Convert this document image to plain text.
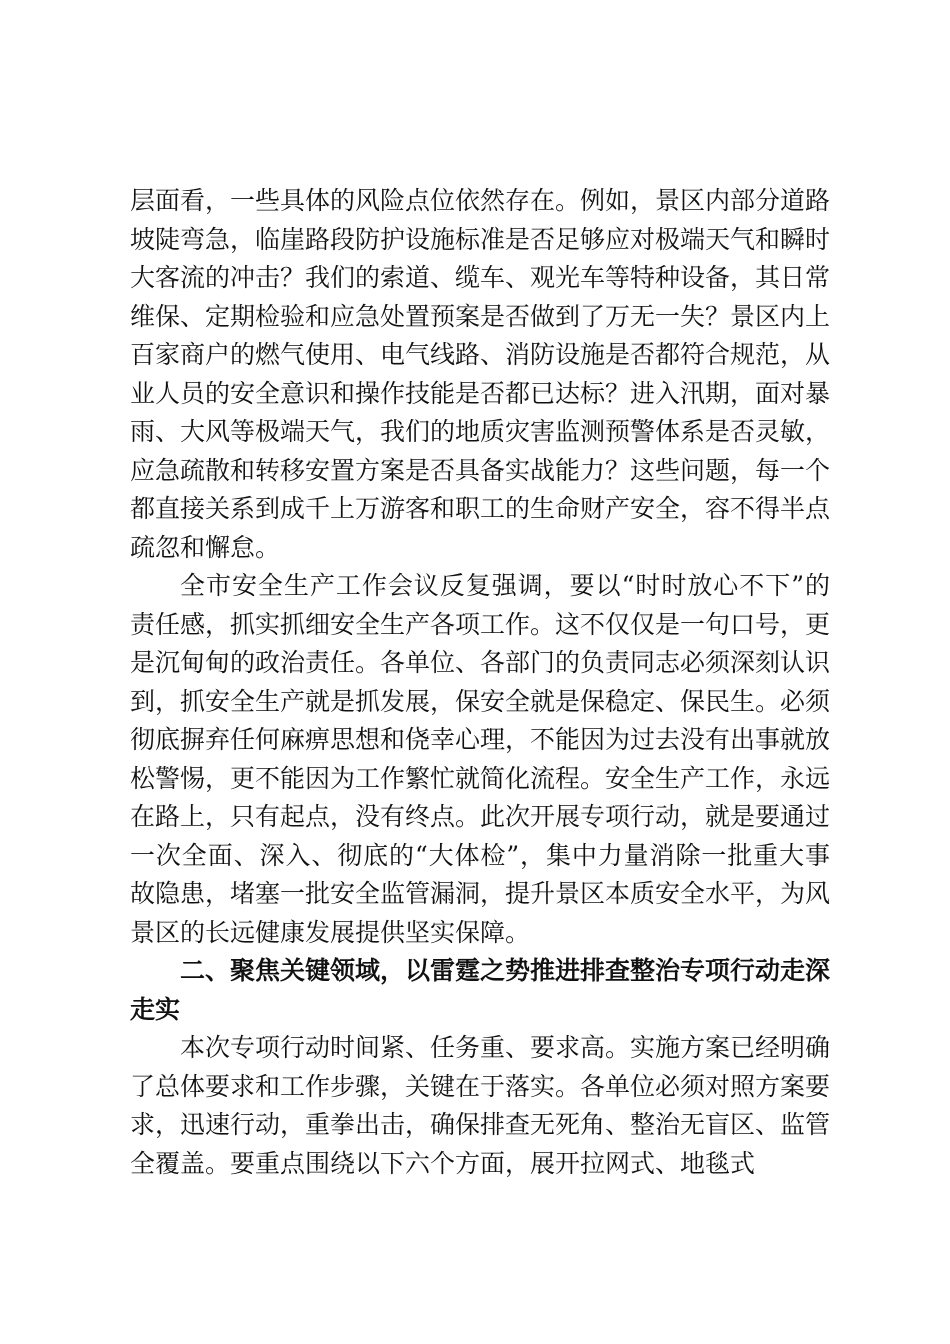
层面看，一些具体的风险点位依然存在。例如，景区内部分道路坡陡弯急，临崖路段防护设施标准是否足够应对极端天气和瞬时大客流的冲击？我们的索道、缆车、观光车等特种设备，其日常维保、定期检验和应急处置预案是否做到了万无一失？景区内上百家商户的燃气使用、电气线路、消防设施是否都符合规范，从业人员的安全意识和操作技能是否都已达标？进入汛期，面对暴雨、大风等极端天气，我们的地质灾害监测预警体系是否灵敏，应急疏散和转移安置方案是否具备实战能力？这些问题，每一个都直接关系到成千上万游客和职工的生命财产安全，容不得半点疏忽和懈怠。

全市安全生产工作会议反复强调，要以“时时放心不下”的责任感，抓实抓细安全生产各项工作。这不仅仅是一句口号，更是沉甸甸的政治责任。各单位、各部门的负责同志必须深刻认识到，抓安全生产就是抓发展，保安全就是保稳定、保民生。必须彻底摒弃任何麻痹思想和侥幸心理，不能因为过去没有出事就放松警惕，更不能因为工作繁忙就简化流程。安全生产工作，永远在路上，只有起点，没有终点。此次开展专项行动，就是要通过一次全面、深入、彻底的“大体检”，集中力量消除一批重大事故隐患，堵塞一批安全监管漏洞，提升景区本质安全水平，为风景区的长远健康发展提供坚实保障。

二、聚焦关键领域，以雷霆之势推进排查整治专项行动走深走实

本次专项行动时间紧、任务重、要求高。实施方案已经明确了总体要求和工作步骤，关键在于落实。各单位必须对照方案要求，迅速行动，重拳出击，确保排查无死角、整治无盲区、监管全覆盖。要重点围绕以下六个方面，展开拉网式、地毯式
